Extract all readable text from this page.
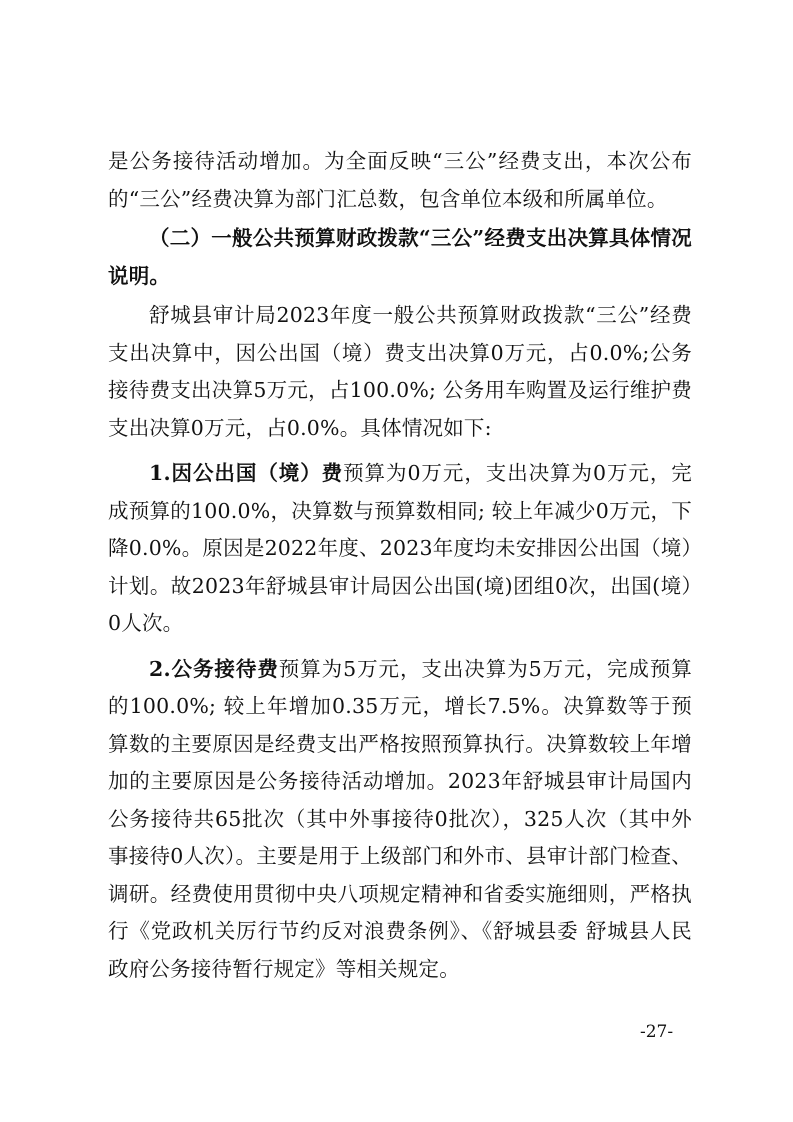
是公务接待活动增加。为全面反映“三公”经费支出，本次公布的“三公”经费决算为部门汇总数，包含单位本级和所属单位。

（二）一般公共预算财政拨款“三公”经费支出决算具体情况说明。

舒城县审计局2023年度一般公共预算财政拨款“三公”经费支出决算中，因公出国（境）费支出决算0万元，占0.0%;公务接待费支出决算5万元，占100.0%; 公务用车购置及运行维护费支出决算0万元，占0.0%。具体情况如下:

1.因公出国（境）费预算为0万元，支出决算为0万元，完成预算的100.0%，决算数与预算数相同; 较上年减少0万元，下降0.0%。原因是2022年度、2023年度均未安排因公出国（境）计划。故2023年舒城县审计局因公出国(境)团组0次，出国(境）0人次。

2.公务接待费预算为5万元，支出决算为5万元，完成预算的100.0%; 较上年增加0.35万元，增长7.5%。决算数等于预算数的主要原因是经费支出严格按照预算执行。决算数较上年增加的主要原因是公务接待活动增加。2023年舒城县审计局国内公务接待共65批次（其中外事接待0批次），325人次（其中外事接待0人次）。主要是用于上级部门和外市、县审计部门检查、调研。经费使用贯彻中央八项规定精神和省委实施细则，严格执行《党政机关厉行节约反对浪费条例》、《舒城县委 舒城县人民政府公务接待暂行规定》等相关规定。

-27-
